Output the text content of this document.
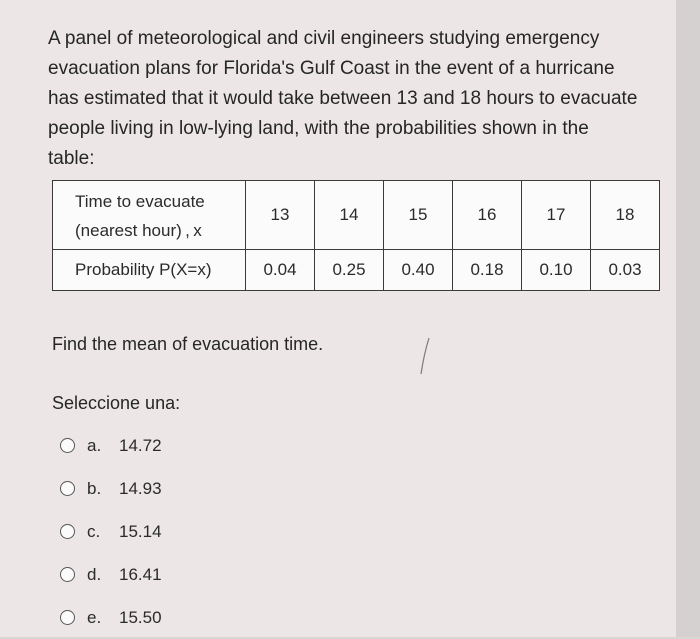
A panel of meteorological and civil engineers studying emergency evacuation plans for Florida's Gulf Coast in the event of a hurricane has estimated that it would take between 13 and 18 hours to evacuate people living in low-lying land, with the probabilities shown in the table:
Time to evacuate
(nearest hour) , x	13	14	15	16	17	18
Probability P(X=x)	0.04	0.25	0.40	0.18	0.10	0.03
Find the mean of evacuation time.
Seleccione una:
a.	14.72
b.	14.93
c.	15.14
d.	16.41
e.	15.50
